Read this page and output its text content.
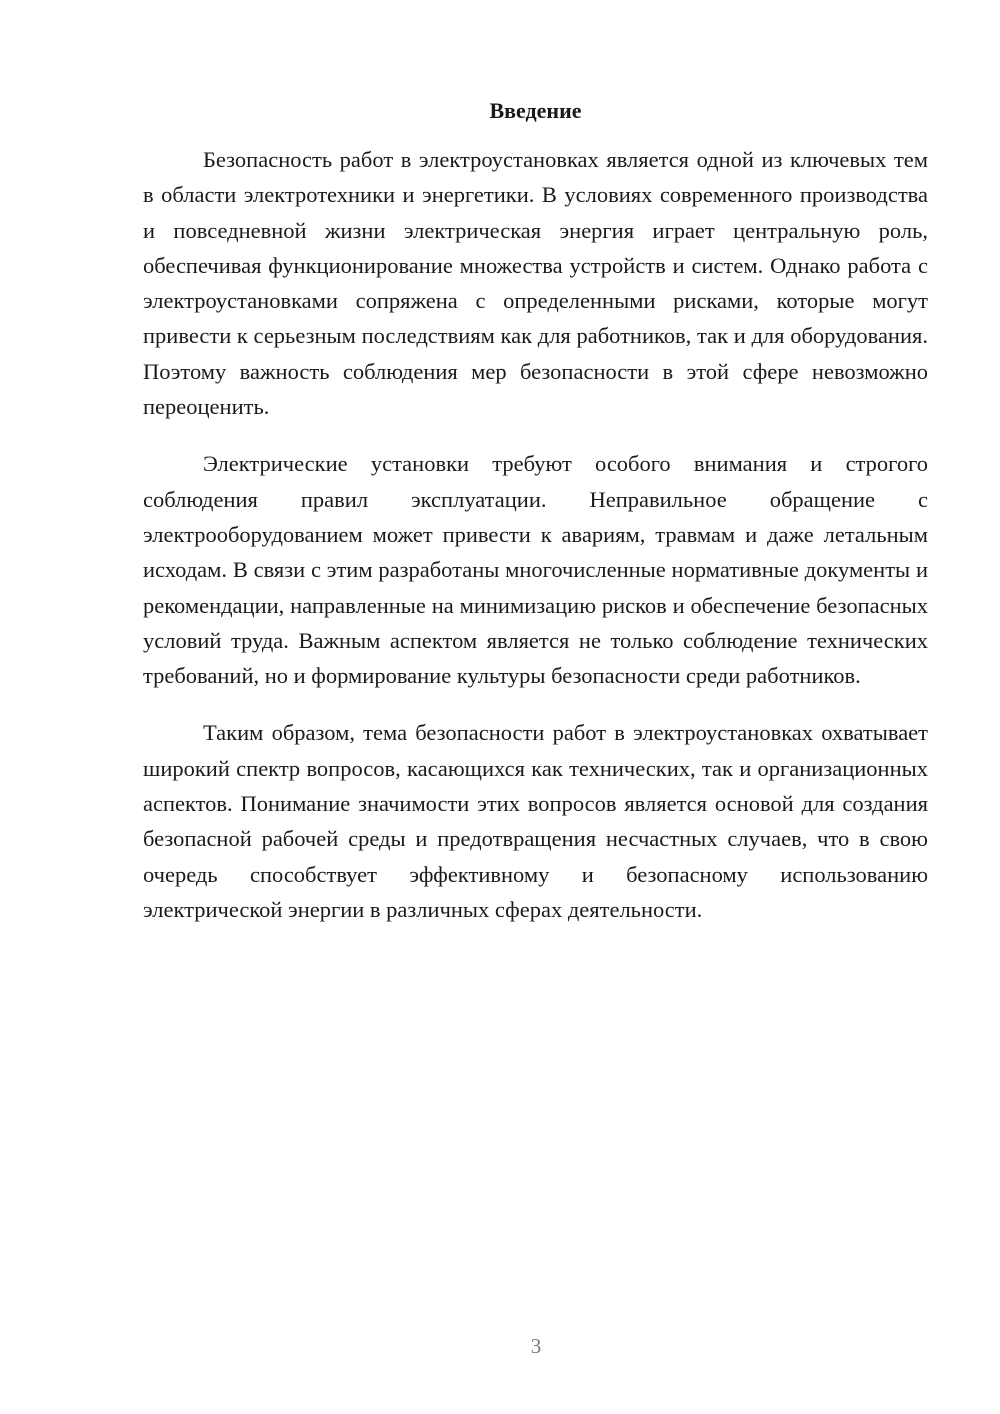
Введение

Безопасность работ в электроустановках является одной из ключевых тем в области электротехники и энергетики. В условиях современного производства и повседневной жизни электрическая энергия играет центральную роль, обеспечивая функционирование множества устройств и систем. Однако работа с электроустановками сопряжена с определенными рисками, которые могут привести к серьезным последствиям как для работников, так и для оборудования. Поэтому важность соблюдения мер безопасности в этой сфере невозможно переоценить.

Электрические установки требуют особого внимания и строгого соблюдения правил эксплуатации. Неправильное обращение с электрооборудованием может привести к авариям, травмам и даже летальным исходам. В связи с этим разработаны многочисленные нормативные документы и рекомендации, направленные на минимизацию рисков и обеспечение безопасных условий труда. Важным аспектом является не только соблюдение технических требований, но и формирование культуры безопасности среди работников.

Таким образом, тема безопасности работ в электроустановках охватывает широкий спектр вопросов, касающихся как технических, так и организационных аспектов. Понимание значимости этих вопросов является основой для создания безопасной рабочей среды и предотвращения несчастных случаев, что в свою очередь способствует эффективному и безопасному использованию электрической энергии в различных сферах деятельности.

3
